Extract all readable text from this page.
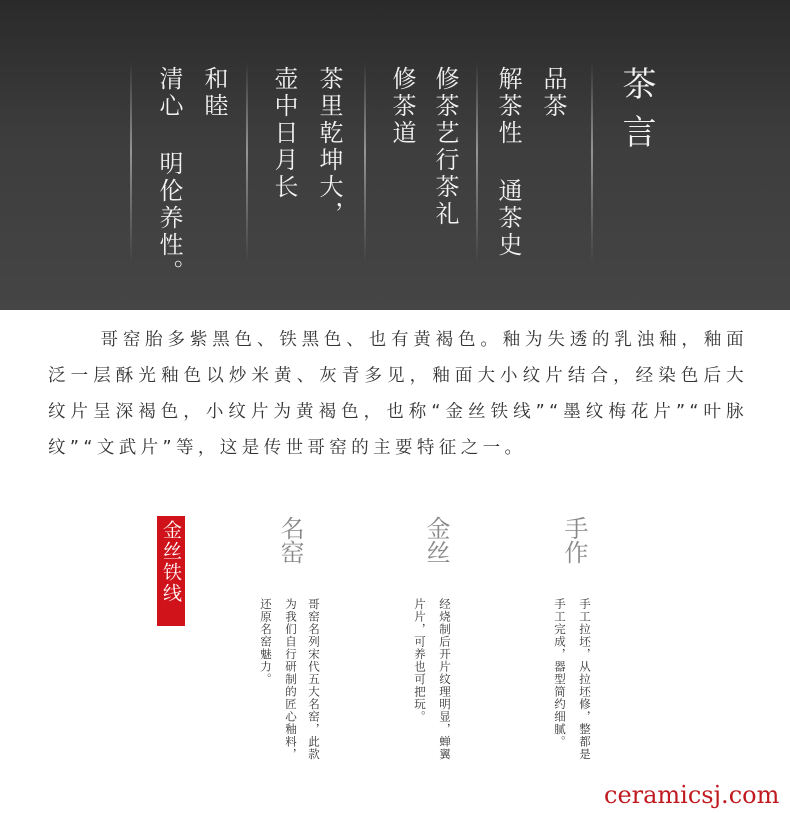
茶言
品茶
解茶性 通茶史
修茶艺行茶礼
修茶道
茶里乾坤大，
壶中日月长
和睦
清心 明伦养性。

哥窑胎多紫黑色、铁黑色、也有黄褐色。釉为失透的乳浊釉，釉面泛一层酥光釉色以炒米黄、灰青多见，釉面大小纹片结合，经染色后大纹片呈深褐色，小纹片为黄褐色，也称“金丝铁线”“墨纹梅花片”“叶脉纹”“文武片”等，这是传世哥窑的主要特征之一。

金丝铁线	名窑
哥窑名列宋代五大名窑，此款
为我们自行研制的匠心釉料，
还原名窑魅力。
金丝
经烧制后开片纹理明显，蝉翼
片片，可养也可把玩。
手作
手工拉坯，从拉坯修，整都是
手工完成，器型简约细腻。
ceramicsj.com
